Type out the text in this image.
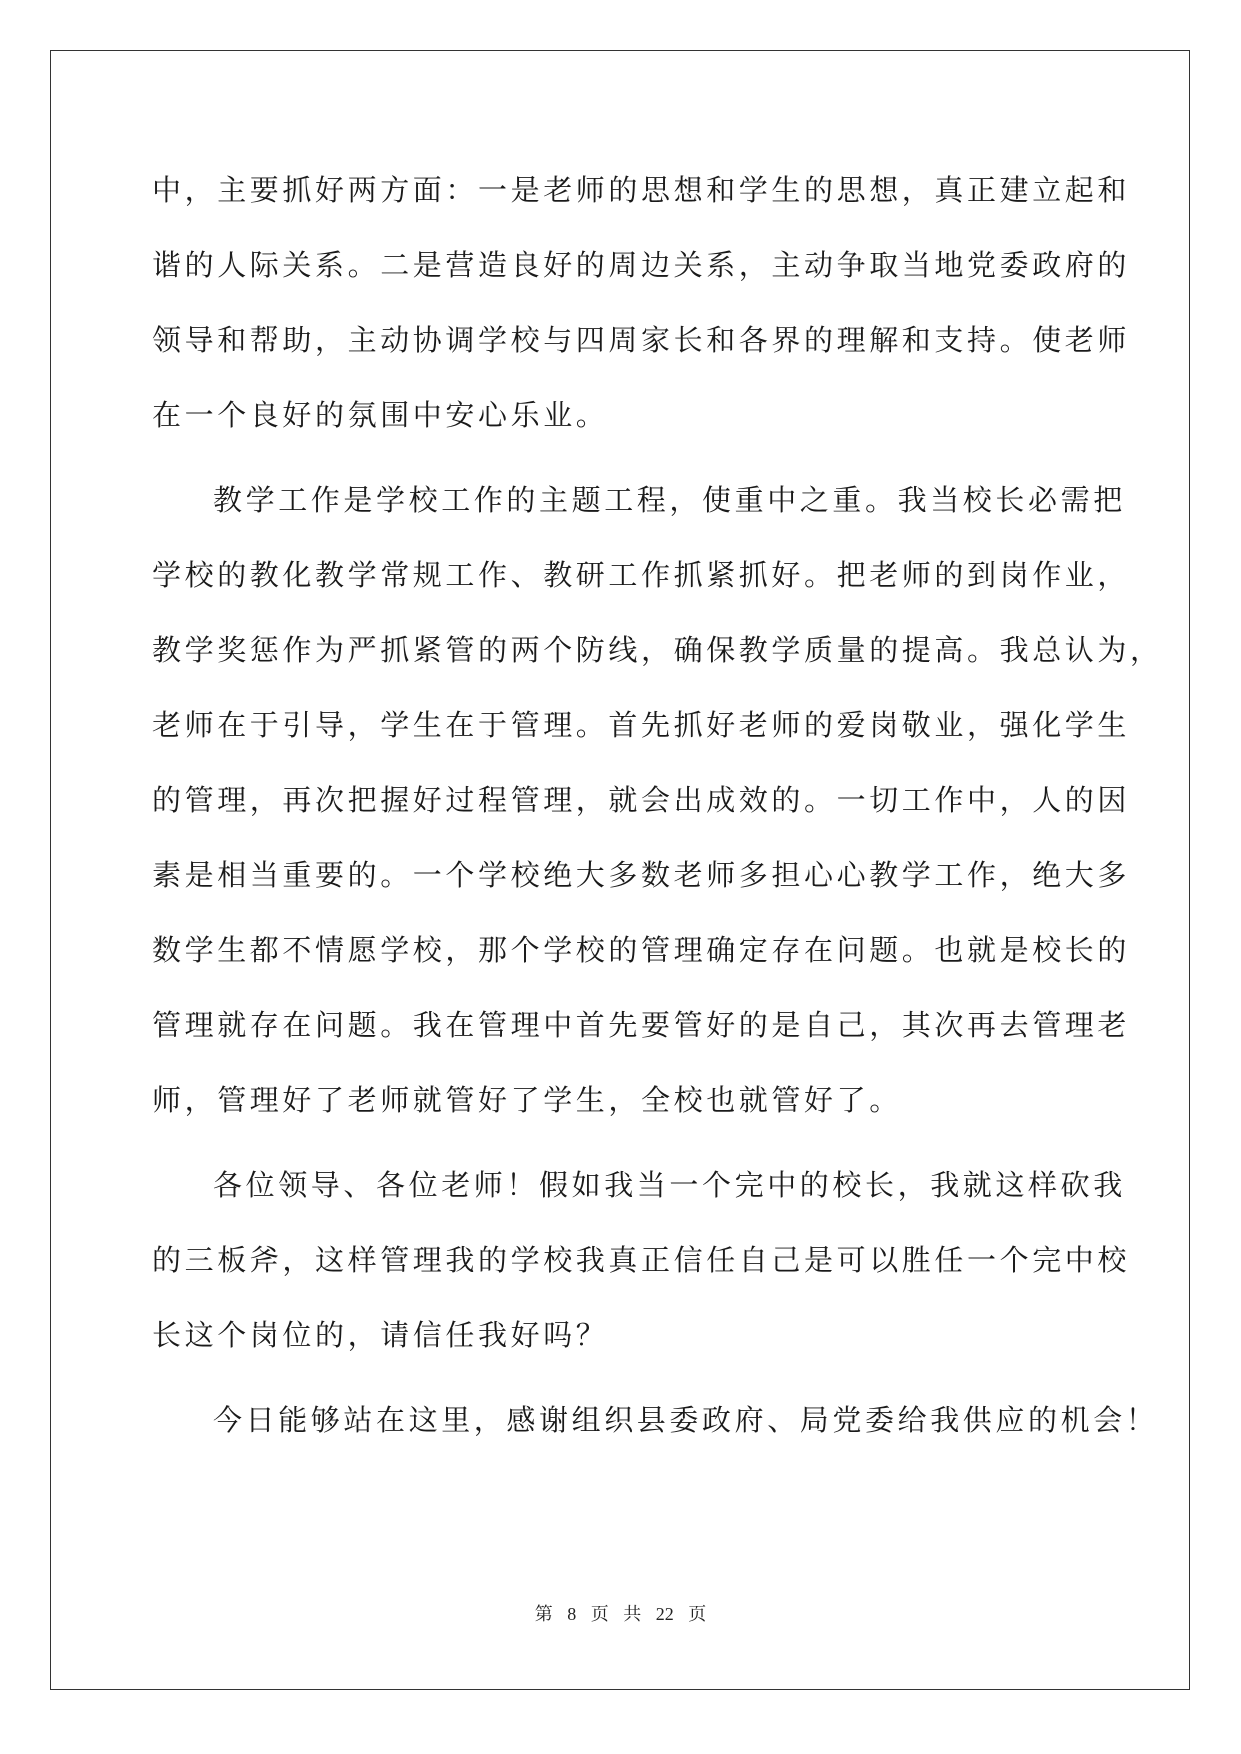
中，主要抓好两方面：一是老师的思想和学生的思想，真正建立起和
谐的人际关系。二是营造良好的周边关系，主动争取当地党委政府的
领导和帮助，主动协调学校与四周家长和各界的理解和支持。使老师
在一个良好的氛围中安心乐业。
教学工作是学校工作的主题工程，使重中之重。我当校长必需把
学校的教化教学常规工作、教研工作抓紧抓好。把老师的到岗作业，
教学奖惩作为严抓紧管的两个防线，确保教学质量的提高。我总认为，
老师在于引导，学生在于管理。首先抓好老师的爱岗敬业，强化学生
的管理，再次把握好过程管理，就会出成效的。一切工作中，人的因
素是相当重要的。一个学校绝大多数老师多担心心教学工作，绝大多
数学生都不情愿学校，那个学校的管理确定存在问题。也就是校长的
管理就存在问题。我在管理中首先要管好的是自己，其次再去管理老
师，管理好了老师就管好了学生，全校也就管好了。
各位领导、各位老师！假如我当一个完中的校长，我就这样砍我
的三板斧，这样管理我的学校我真正信任自己是可以胜任一个完中校
长这个岗位的，请信任我好吗？
今日能够站在这里，感谢组织县委政府、局党委给我供应的机会！
第 8 页 共 22 页
